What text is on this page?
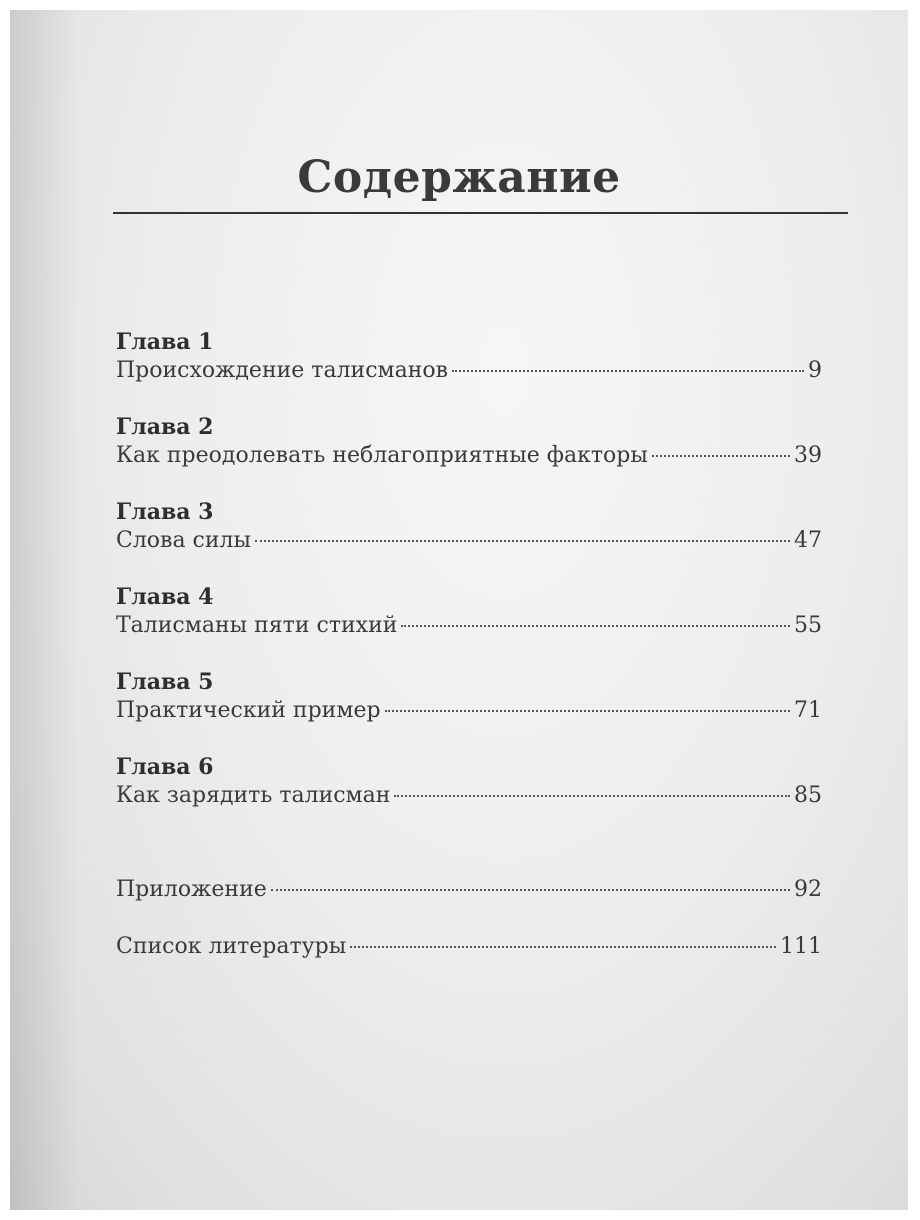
Содержание
Глава 1
Происхождение талисманов	9
Глава 2
Как преодолевать неблагоприятные факторы	39
Глава 3
Слова силы	47
Глава 4
Талисманы пяти стихий	55
Глава 5
Практический пример	71
Глава 6
Как зарядить талисман	85
Приложение	92
Список литературы	111
